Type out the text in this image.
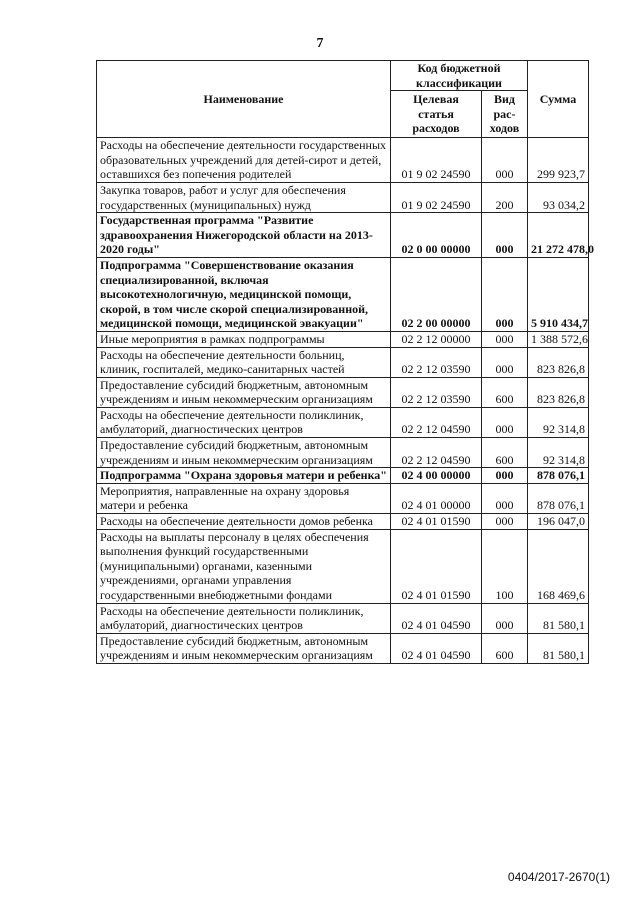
7
Наименование	Код бюджетной классификации		Сумма
	Целевая статья расходов	Вид рас-ходов	
Расходы на обеспечение деятельности государственных образовательных учреждений для детей-сирот и детей, оставшихся без попечения родителей	01 9 02 24590	000	299 923,7
Закупка товаров, работ и услуг для обеспечения государственных (муниципальных) нужд	01 9 02 24590	200	93 034,2
Государственная программа "Развитие здравоохранения Нижегородской области на 2013-2020 годы"	02 0 00 00000	000	21 272 478,0
Подпрограмма "Совершенствование оказания специализированной, включая высокотехнологичную, медицинской помощи, скорой, в том числе скорой специализированной, медицинской помощи, медицинской эвакуации"	02 2 00 00000	000	5 910 434,7
Иные мероприятия в рамках подпрограммы	02 2 12 00000	000	1 388 572,6
Расходы на обеспечение деятельности больниц, клиник, госпиталей, медико-санитарных частей	02 2 12 03590	000	823 826,8
Предоставление субсидий бюджетным, автономным учреждениям и иным некоммерческим организациям	02 2 12 03590	600	823 826,8
Расходы на обеспечение деятельности поликлиник, амбулаторий, диагностических центров	02 2 12 04590	000	92 314,8
Предоставление субсидий бюджетным, автономным учреждениям и иным некоммерческим организациям	02 2 12 04590	600	92 314,8
Подпрограмма "Охрана здоровья матери и ребенка"	02 4 00 00000	000	878 076,1
Мероприятия, направленные на охрану здоровья матери и ребенка	02 4 01 00000	000	878 076,1
Расходы на обеспечение деятельности домов ребенка	02 4 01 01590	000	196 047,0
Расходы на выплаты персоналу в целях обеспечения выполнения функций государственными (муниципальными) органами, казенными учреждениями, органами управления государственными внебюджетными фондами	02 4 01 01590	100	168 469,6
Расходы на обеспечение деятельности поликлиник, амбулаторий, диагностических центров	02 4 01 04590	000	81 580,1
Предоставление субсидий бюджетным, автономным учреждениям и иным некоммерческим организациям	02 4 01 04590	600	81 580,1
0404/2017-2670(1)
